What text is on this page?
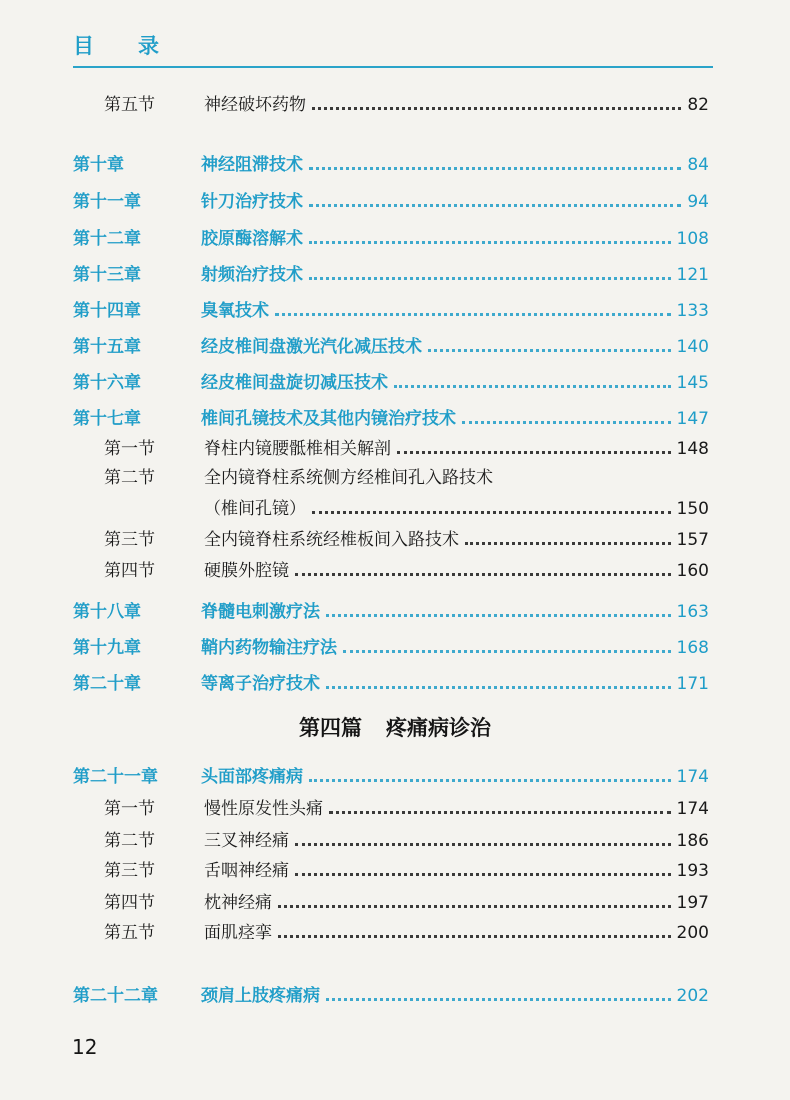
目录
第五节	神经破坏药物	82
第十章	神经阻滞技术	84
第十一章	针刀治疗技术	94
第十二章	胶原酶溶解术	108
第十三章	射频治疗技术	121
第十四章	臭氧技术	133
第十五章	经皮椎间盘激光汽化减压技术	140
第十六章	经皮椎间盘旋切减压技术	145
第十七章	椎间孔镜技术及其他内镜治疗技术	147
第一节	脊柱内镜腰骶椎相关解剖	148
第二节	全内镜脊柱系统侧方经椎间孔入路技术
（椎间孔镜）	150
第三节	全内镜脊柱系统经椎板间入路技术	157
第四节	硬膜外腔镜	160
第十八章	脊髓电刺激疗法	163
第十九章	鞘内药物输注疗法	168
第二十章	等离子治疗技术	171
第四篇 疼痛病诊治
第二十一章	头面部疼痛病	174
第一节	慢性原发性头痛	174
第二节	三叉神经痛	186
第三节	舌咽神经痛	193
第四节	枕神经痛	197
第五节	面肌痉挛	200
第二十二章	颈肩上肢疼痛病	202
12
